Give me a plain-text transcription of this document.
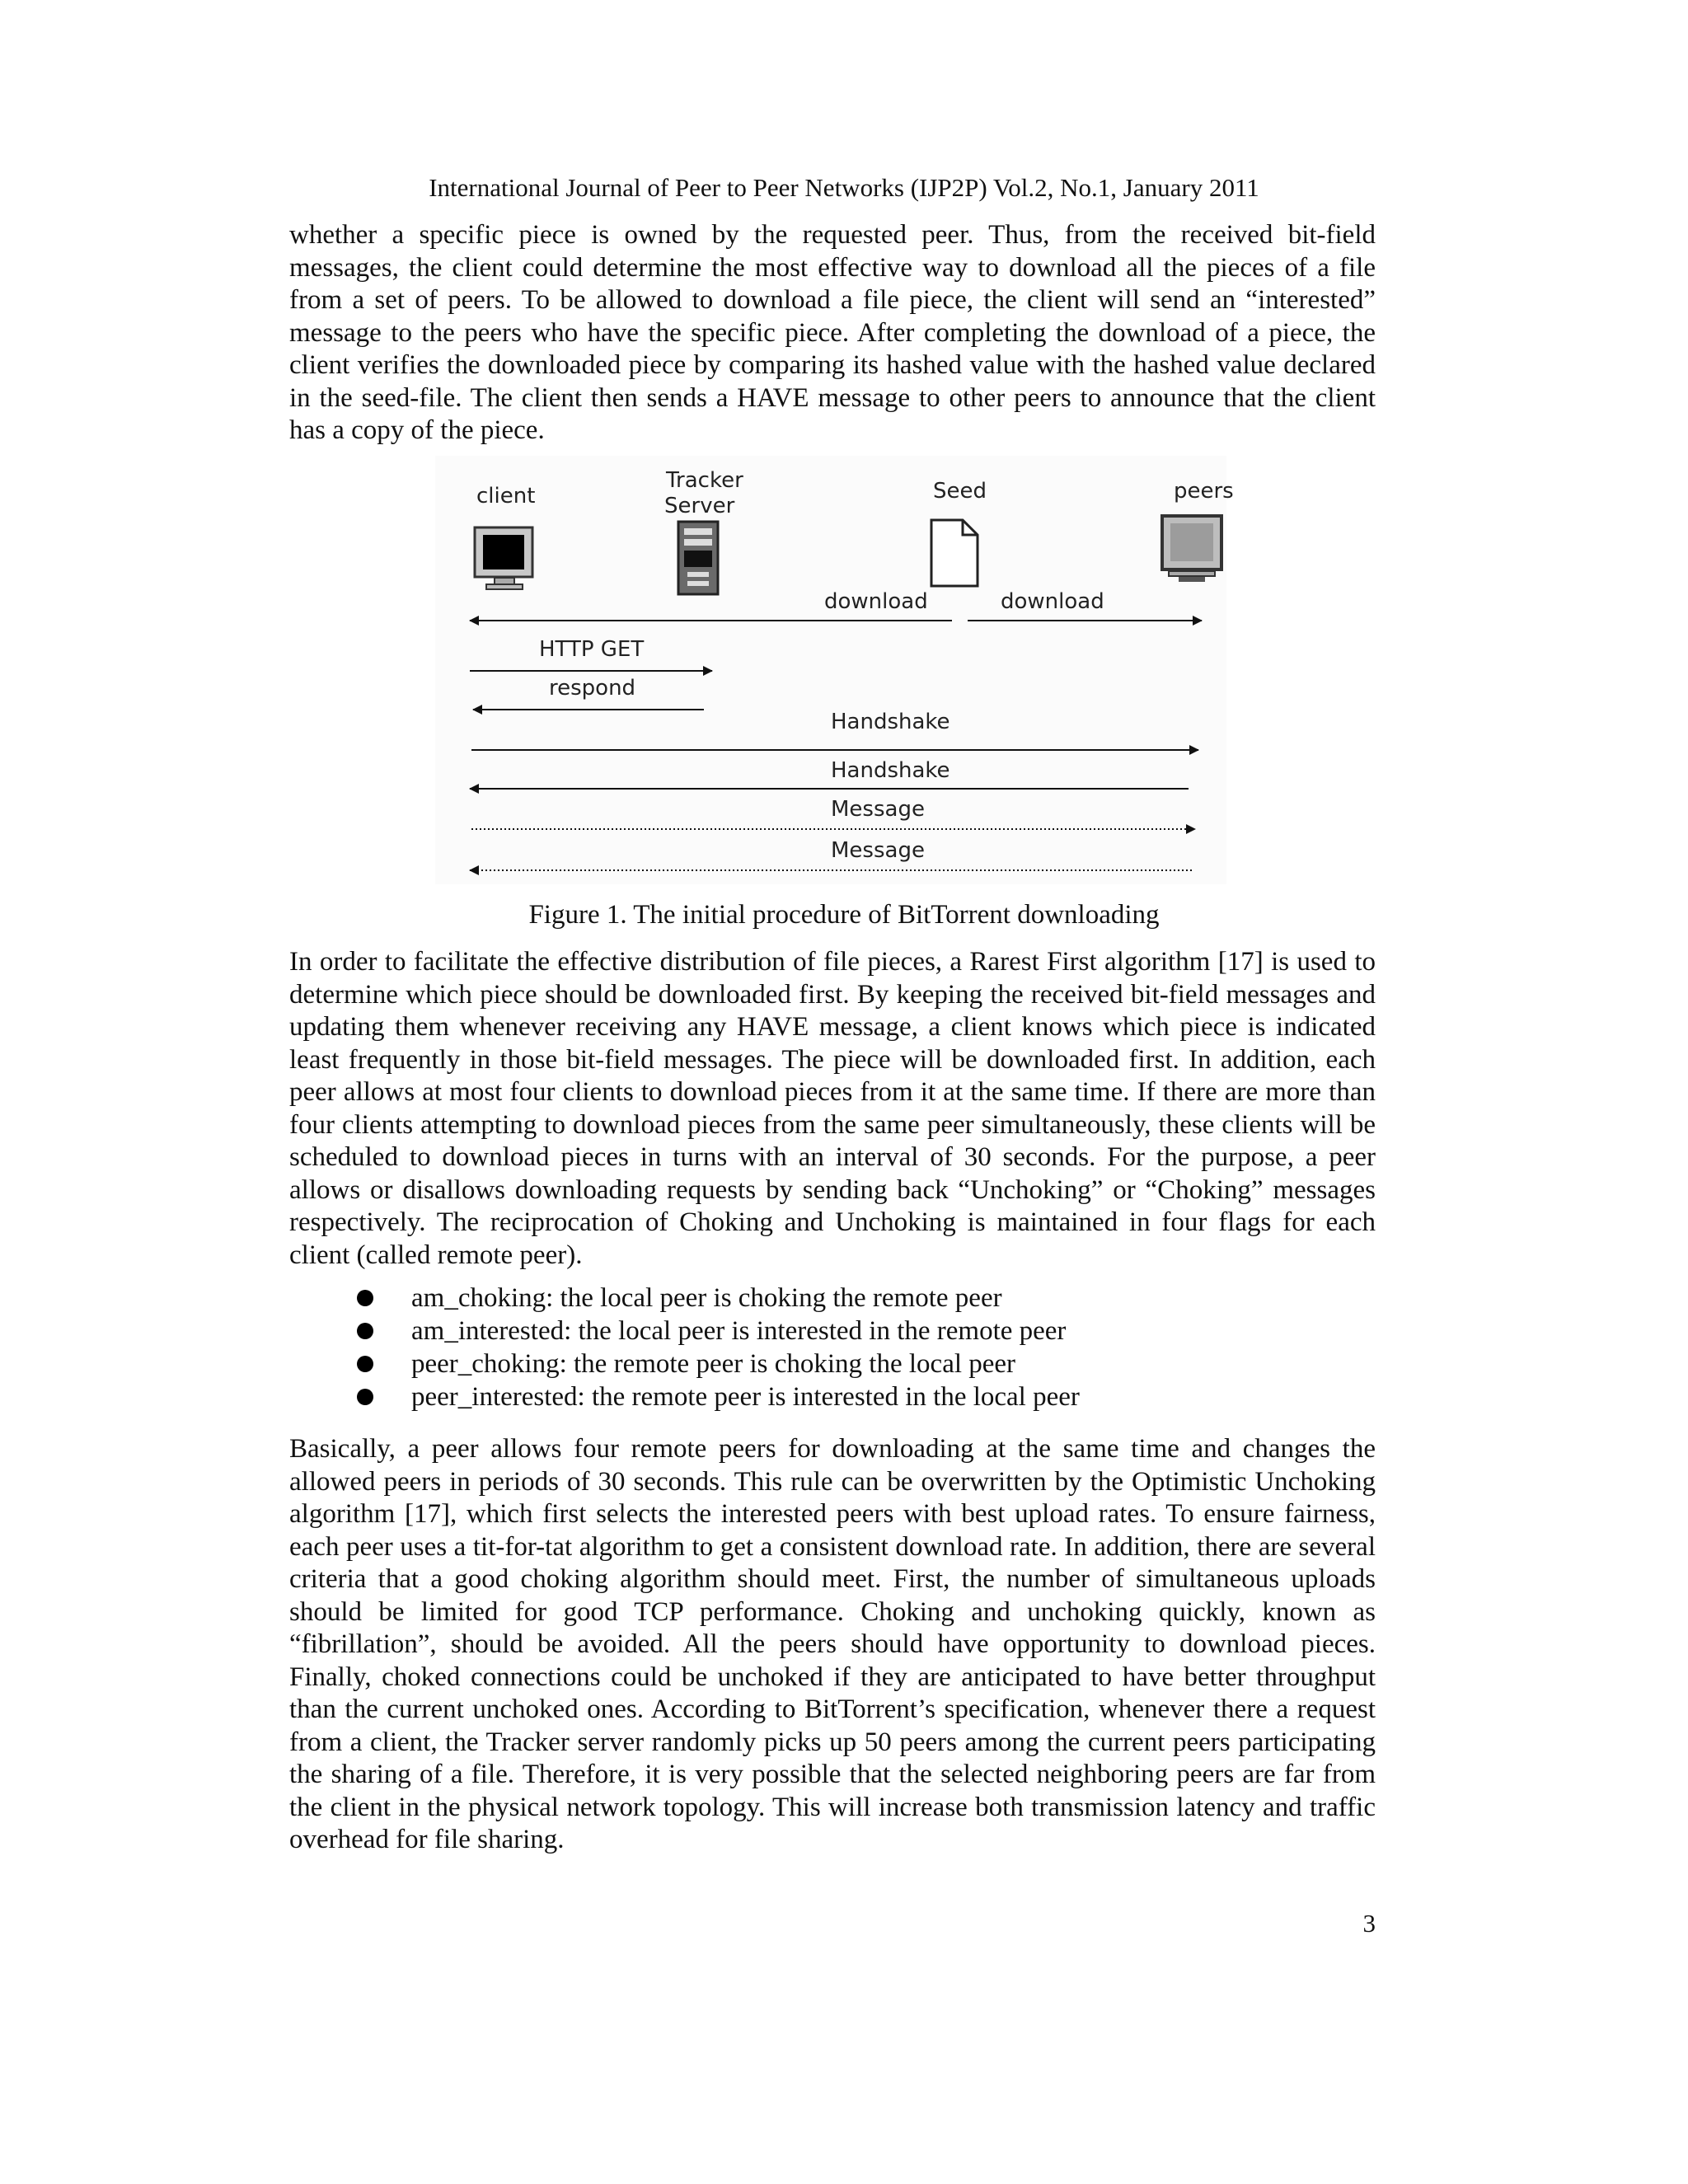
International Journal of Peer to Peer Networks (IJP2P) Vol.2, No.1, January 2011

whether a specific piece is owned by the requested peer. Thus, from the received bit-field messages, the client could determine the most effective way to download all the pieces of a file from a set of peers. To be allowed to download a file piece, the client will send an “interested” message to the peers who have the specific piece. After completing the download of a piece, the client verifies the downloaded piece by comparing its hashed value with the hashed value declared in the seed-file. The client then sends a HAVE message to other peers to announce that the client has a copy of the piece.

client
Tracker
Server
Seed	peers
download	download
HTTP GET
respond
Handshake
Handshake
Message
Message
Figure 1. The initial procedure of BitTorrent downloading

In order to facilitate the effective distribution of file pieces, a Rarest First algorithm [17] is used to determine which piece should be downloaded first. By keeping the received bit-field messages and updating them whenever receiving any HAVE message, a client knows which piece is indicated least frequently in those bit-field messages. The piece will be downloaded first. In addition, each peer allows at most four clients to download pieces from it at the same time. If there are more than four clients attempting to download pieces from the same peer simultaneously, these clients will be scheduled to download pieces in turns with an interval of 30 seconds. For the purpose, a peer allows or disallows downloading requests by sending back “Unchoking” or “Choking” messages respectively. The reciprocation of Choking and Unchoking is maintained in four flags for each client (called remote peer).

am_choking: the local peer is choking the remote peer
am_interested: the local peer is interested in the remote peer
peer_choking: the remote peer is choking the local peer
peer_interested: the remote peer is interested in the local peer

Basically, a peer allows four remote peers for downloading at the same time and changes the allowed peers in periods of 30 seconds. This rule can be overwritten by the Optimistic Unchoking algorithm [17], which first selects the interested peers with best upload rates. To ensure fairness, each peer uses a tit-for-tat algorithm to get a consistent download rate. In addition, there are several criteria that a good choking algorithm should meet. First, the number of simultaneous uploads should be limited for good TCP performance. Choking and unchoking quickly, known as “fibrillation”, should be avoided. All the peers should have opportunity to download pieces. Finally, choked connections could be unchoked if they are anticipated to have better throughput than the current unchoked ones. According to BitTorrent’s specification, whenever there a request from a client, the Tracker server randomly picks up 50 peers among the current peers participating the sharing of a file. Therefore, it is very possible that the selected neighboring peers are far from the client in the physical network topology. This will increase both transmission latency and traffic overhead for file sharing.

3
